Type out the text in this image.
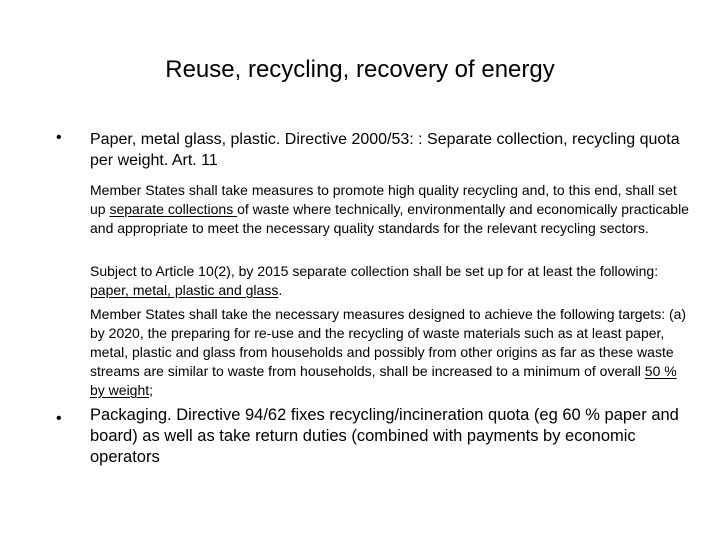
Reuse, recycling, recovery of energy
• Paper, metal glass, plastic. Directive 2000/53: : Separate collection, recycling quota per weight. Art. 11

Member States shall take measures to promote high quality recycling and, to this end, shall set up separate collections of waste where technically, environmentally and economically practicable and appropriate to meet the necessary quality standards for the relevant recycling sectors.

Subject to Article 10(2), by 2015 separate collection shall be set up for at least the following: paper, metal, plastic and glass.

Member States shall take the necessary measures designed to achieve the following targets: (a) by 2020, the preparing for re-use and the recycling of waste materials such as at least paper, metal, plastic and glass from households and possibly from other origins as far as these waste streams are similar to waste from households, shall be increased to a minimum of overall 50 % by weight;

• Packaging. Directive 94/62 fixes recycling/incineration quota (eg 60 % paper and board) as well as take return duties (combined with payments by economic operators
